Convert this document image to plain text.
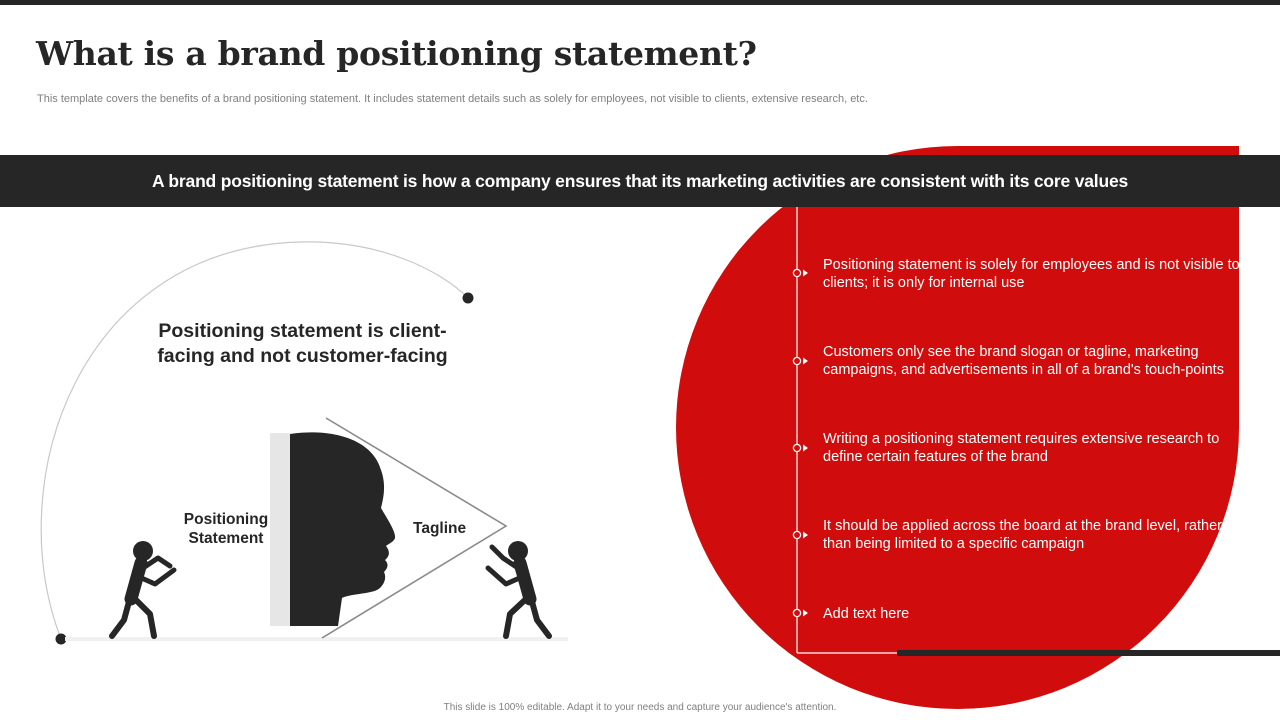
What is a brand positioning statement?
This template covers the benefits of a brand positioning statement. It includes statement details such as solely for employees, not visible to clients, extensive research, etc.
A brand positioning statement is how a company ensures that its marketing activities are consistent with its core values
Positioning statement is client-facing and not customer-facing
Positioning Statement
Tagline
Positioning statement is solely for employees and is not visible to clients; it is only for internal use
Customers only see the brand slogan or tagline, marketing campaigns, and advertisements in all of a brand's touch-points
Writing a positioning statement requires extensive research to define certain features of the brand
It should be applied across the board at the brand level, rather than being limited to a specific campaign
Add text here
This slide is 100% editable. Adapt it to your needs and capture your audience's attention.
